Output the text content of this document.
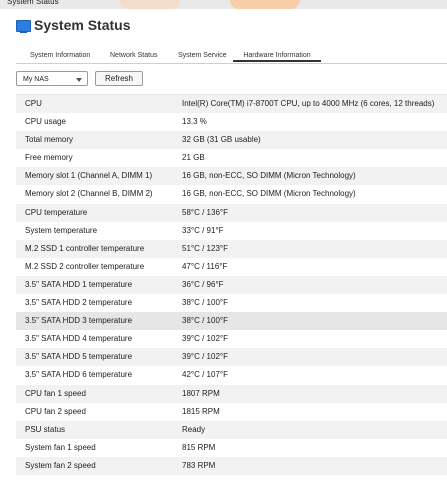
System Status
System Status
System Information	Network Status	System Service	Hardware Information
My NAS	Refresh
CPU	Intel(R) Core(TM) i7-8700T CPU, up to 4000 MHz (6 cores, 12 threads)
CPU usage	13.3 %
Total memory	32 GB (31 GB usable)
Free memory	21 GB
Memory slot 1 (Channel A, DIMM 1)	16 GB, non-ECC, SO DIMM (Micron Technology)
Memory slot 2 (Channel B, DIMM 2)	16 GB, non-ECC, SO DIMM (Micron Technology)
CPU temperature	58°C / 136°F
System temperature	33°C / 91°F
M.2 SSD 1 controller temperature	51°C / 123°F
M.2 SSD 2 controller temperature	47°C / 116°F
3.5" SATA HDD 1 temperature	36°C / 96°F
3.5" SATA HDD 2 temperature	38°C / 100°F
3.5" SATA HDD 3 temperature	38°C / 100°F
3.5" SATA HDD 4 temperature	39°C / 102°F
3.5" SATA HDD 5 temperature	39°C / 102°F
3.5" SATA HDD 6 temperature	42°C / 107°F
CPU fan 1 speed	1807 RPM
CPU fan 2 speed	1815 RPM
PSU status	Ready
System fan 1 speed	815 RPM
System fan 2 speed	783 RPM
